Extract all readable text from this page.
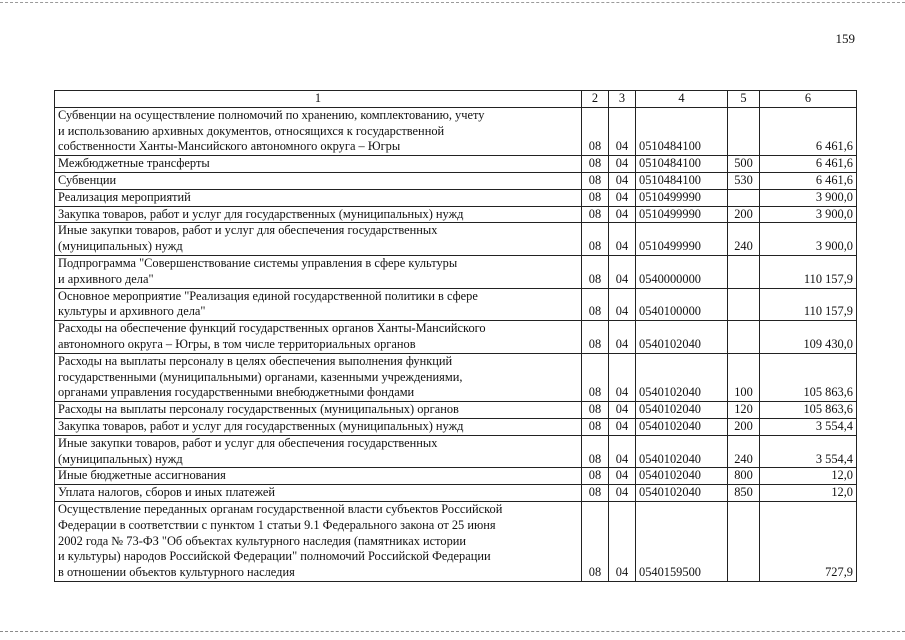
159
1	2	3	4	5	6
Субвенции на осуществление полномочий по хранению, комплектованию, учету
и использованию архивных документов, относящихся к государственной
собственности Ханты-Мансийского автономного округа – Югры	08	04	0510484100		6 461,6
Межбюджетные трансферты	08	04	0510484100	500	6 461,6
Субвенции	08	04	0510484100	530	6 461,6
Реализация мероприятий	08	04	0510499990		3 900,0
Закупка товаров, работ и услуг для государственных (муниципальных) нужд	08	04	0510499990	200	3 900,0
Иные закупки товаров, работ и услуг для обеспечения государственных
(муниципальных) нужд	08	04	0510499990	240	3 900,0
Подпрограмма "Совершенствование системы управления в сфере культуры
и архивного дела"	08	04	0540000000		110 157,9
Основное мероприятие "Реализация единой государственной политики в сфере
культуры и архивного дела"	08	04	0540100000		110 157,9
Расходы на обеспечение функций государственных органов Ханты-Мансийского
автономного округа – Югры, в том числе территориальных органов	08	04	0540102040		109 430,0
Расходы на выплаты персоналу в целях обеспечения выполнения функций
государственными (муниципальными) органами, казенными учреждениями,
органами управления государственными внебюджетными фондами	08	04	0540102040	100	105 863,6
Расходы на выплаты персоналу государственных (муниципальных) органов	08	04	0540102040	120	105 863,6
Закупка товаров, работ и услуг для государственных (муниципальных) нужд	08	04	0540102040	200	3 554,4
Иные закупки товаров, работ и услуг для обеспечения государственных
(муниципальных) нужд	08	04	0540102040	240	3 554,4
Иные бюджетные ассигнования	08	04	0540102040	800	12,0
Уплата налогов, сборов и иных платежей	08	04	0540102040	850	12,0
Осуществление переданных органам государственной власти субъектов Российской
Федерации в соответствии с пунктом 1 статьи 9.1 Федерального закона от 25 июня
2002 года № 73-ФЗ "Об объектах культурного наследия (памятниках истории
и культуры) народов Российской Федерации" полномочий Российской Федерации
в отношении объектов культурного наследия	08	04	0540159500		727,9
